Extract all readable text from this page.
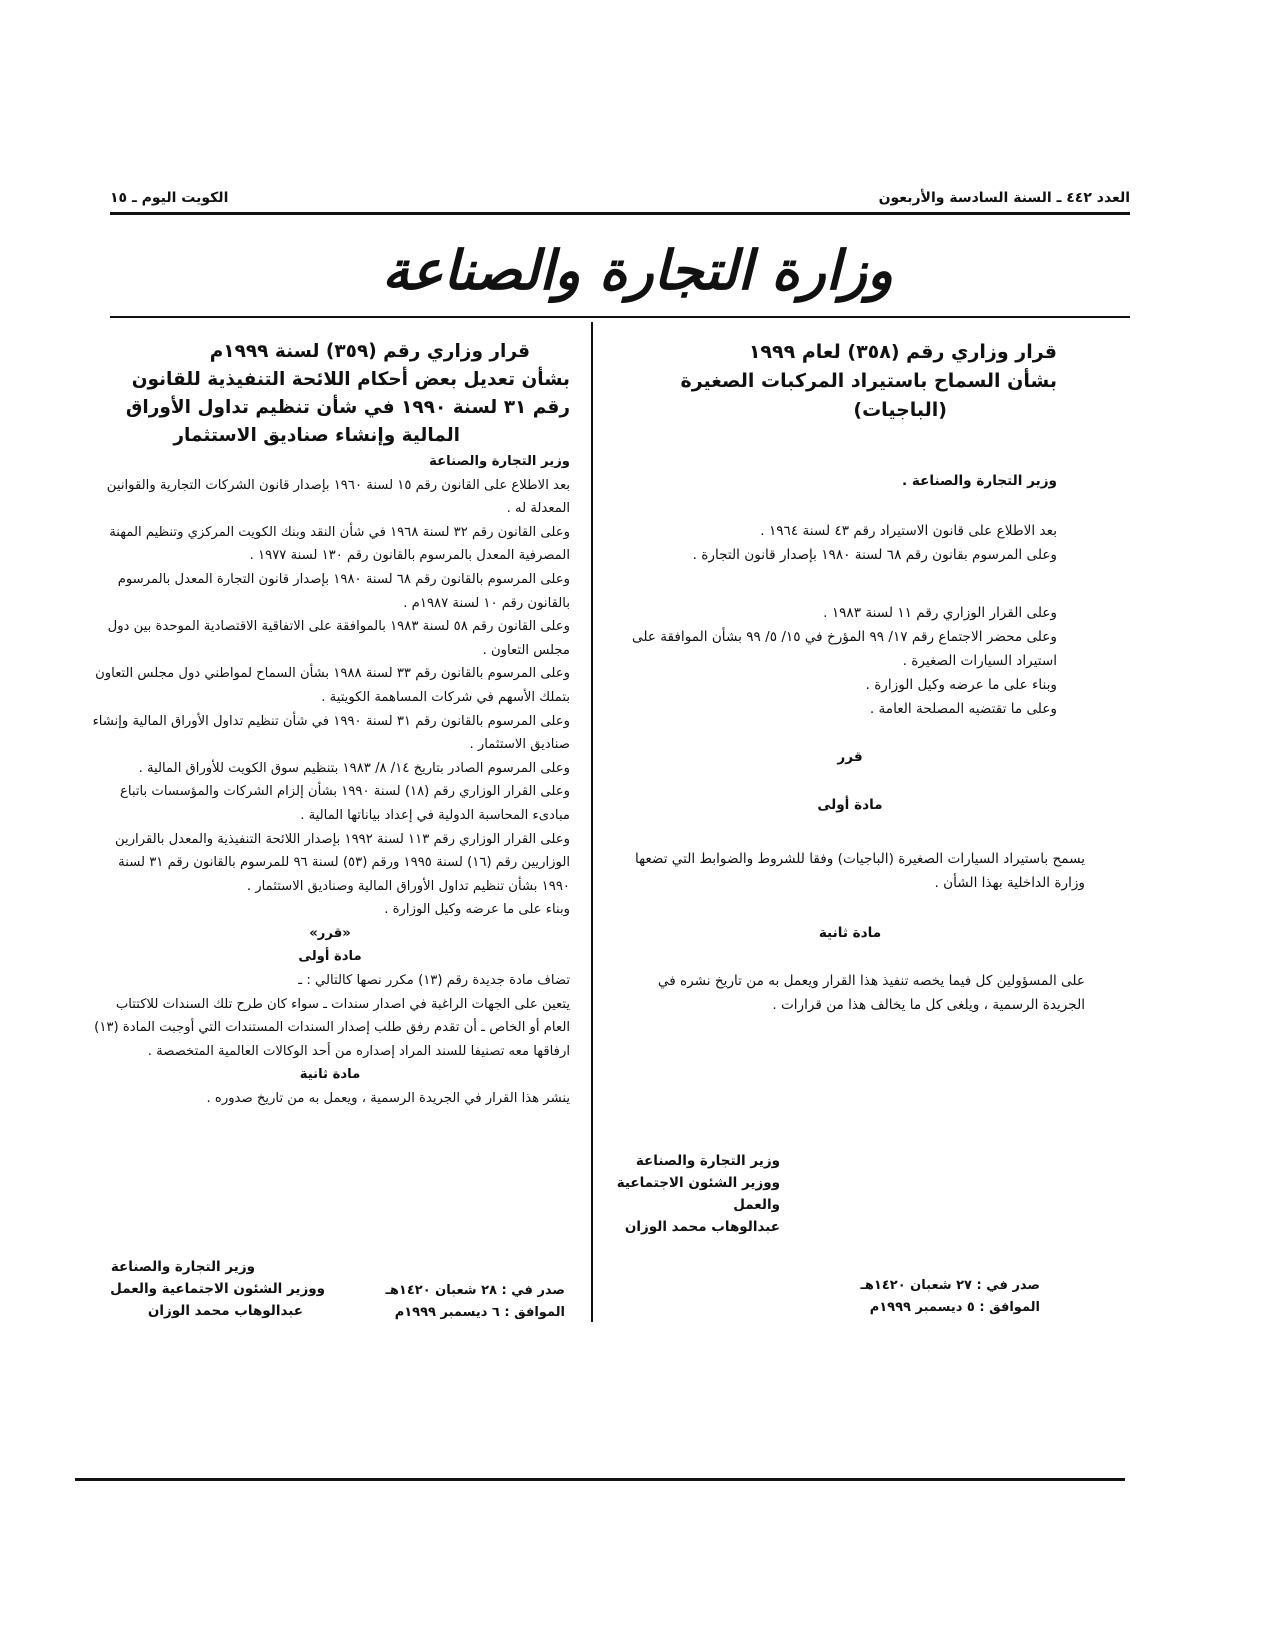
العدد ٤٤٢ ـ السنة السادسة والأربعون
الكويت اليوم ـ ١٥
وزارة التجارة والصناعة

قرار وزاري رقم (٣٥٨) لعام ١٩٩٩

بشأن السماح باستيراد المركبات الصغيرة

(الباجيات)

وزير التجارة والصناعة .

بعد الاطلاع على قانون الاستيراد رقم ٤٣ لسنة ١٩٦٤ .

وعلى المرسوم بقانون رقم ٦٨ لسنة ١٩٨٠ بإصدار قانون التجارة .

وعلى القرار الوزاري رقم ١١ لسنة ١٩٨٣ .

وعلى محضر الاجتماع رقم ١٧/ ٩٩ المؤرخ في ١٥/ ٥/ ٩٩ بشأن الموافقة على استيراد السيارات الصغيرة .

وبناء على ما عرضه وكيل الوزارة .

وعلى ما تقتضيه المصلحة العامة .

قرر

مادة أولى

يسمح باستيراد السيارات الصغيرة (الباجيات) وفقا للشروط والضوابط التي تضعها وزارة الداخلية بهذا الشأن .

مادة ثانية

على المسؤولين كل فيما يخصه تنفيذ هذا القرار ويعمل به من تاريخ نشره في الجريدة الرسمية ، ويلغى كل ما يخالف هذا من قرارات .

وزير التجارة والصناعة

ووزير الشئون الاجتماعية والعمل

عبدالوهاب محمد الوزان

صدر في : ٢٧ شعبان ١٤٢٠هـ

الموافق : ٥ ديسمبر ١٩٩٩م

قرار وزاري رقم (٣٥٩) لسنة ١٩٩٩م

بشأن تعديل بعض أحكام اللائحة التنفيذية للقانون

رقم ٣١ لسنة ١٩٩٠ في شأن تنظيم تداول الأوراق

المالية وإنشاء صناديق الاستثمار

وزير التجارة والصناعة

بعد الاطلاع على القانون رقم ١٥ لسنة ١٩٦٠ بإصدار قانون الشركات التجارية والقوانين المعدلة له .

وعلى القانون رقم ٣٢ لسنة ١٩٦٨ في شأن النقد وبنك الكويت المركزي وتنظيم المهنة المصرفية المعدل بالمرسوم بالقانون رقم ١٣٠ لسنة ١٩٧٧ .

وعلى المرسوم بالقانون رقم ٦٨ لسنة ١٩٨٠ بإصدار قانون التجارة المعدل بالمرسوم بالقانون رقم ١٠ لسنة ١٩٨٧م .

وعلى القانون رقم ٥٨ لسنة ١٩٨٣ بالموافقة على الاتفاقية الاقتصادية الموحدة بين دول مجلس التعاون .

وعلى المرسوم بالقانون رقم ٣٣ لسنة ١٩٨٨ بشأن السماح لمواطني دول مجلس التعاون بتملك الأسهم في شركات المساهمة الكويتية .

وعلى المرسوم بالقانون رقم ٣١ لسنة ١٩٩٠ في شأن تنظيم تداول الأوراق المالية وإنشاء صناديق الاستثمار .

وعلى المرسوم الصادر بتاريخ ١٤/ ٨/ ١٩٨٣ بتنظيم سوق الكويت للأوراق المالية .

وعلى القرار الوزاري رقم (١٨) لسنة ١٩٩٠ بشأن إلزام الشركات والمؤسسات باتباع مبادىء المحاسبة الدولية في إعداد بياناتها المالية .

وعلى القرار الوزاري رقم ١١٣ لسنة ١٩٩٢ بإصدار اللائحة التنفيذية والمعدل بالقرارين الوزاريين رقم (١٦) لسنة ١٩٩٥ ورقم (٥٣) لسنة ٩٦ للمرسوم بالقانون رقم ٣١ لسنة ١٩٩٠ بشأن تنظيم تداول الأوراق المالية وصناديق الاستثمار .

وبناء على ما عرضه وكيل الوزارة .

«قرر»

مادة أولى

تضاف مادة جديدة رقم (١٣) مكرر نصها كالتالي : ـ

يتعين على الجهات الراغبة في اصدار سندات ـ سواء كان طرح تلك السندات للاكتتاب العام أو الخاص ـ أن تقدم رفق طلب إصدار السندات المستندات التي أوجبت المادة (١٣) ارفاقها معه تصنيفا للسند المراد إصداره من أحد الوكالات العالمية المتخصصة .

مادة ثانية

ينشر هذا القرار في الجريدة الرسمية ، ويعمل به من تاريخ صدوره .

وزير التجارة والصناعة

ووزير الشئون الاجتماعية والعمل

عبدالوهاب محمد الوزان

صدر في : ٢٨ شعبان ١٤٢٠هـ

الموافق : ٦ ديسمبر ١٩٩٩م
